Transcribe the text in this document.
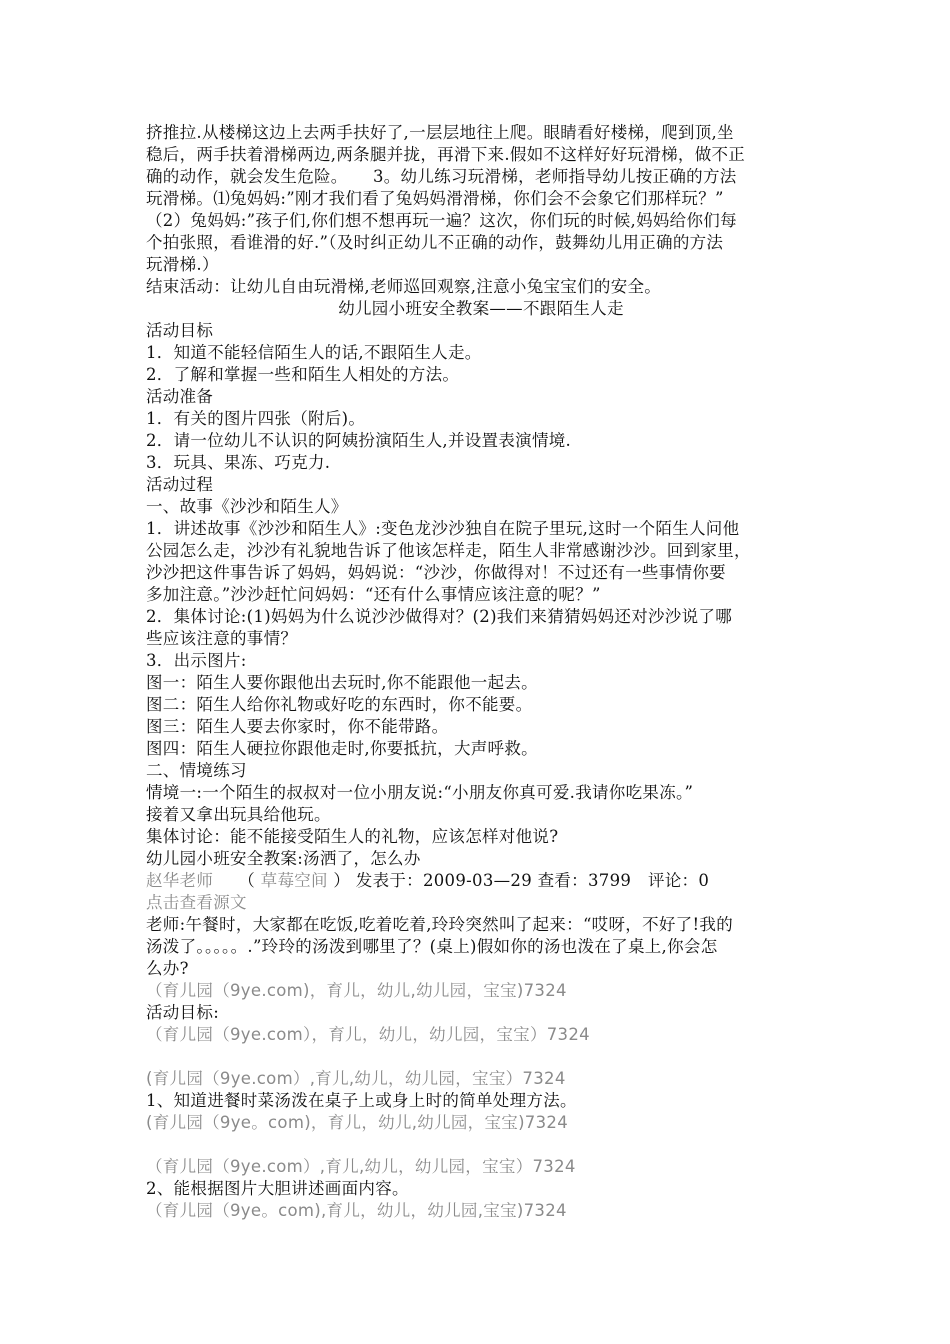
挤推拉.从楼梯这边上去两手扶好了,一层层地往上爬。眼睛看好楼梯，爬到顶,坐
稳后，两手扶着滑梯两边,两条腿并拢，再滑下来.假如不这样好好玩滑梯，做不正
确的动作，就会发生危险。　　3。幼儿练习玩滑梯，老师指导幼儿按正确的方法
玩滑梯。⑴兔妈妈:”刚才我们看了兔妈妈滑滑梯，你们会不会象它们那样玩？”
（2）兔妈妈:”孩子们,你们想不想再玩一遍？这次，你们玩的时候,妈妈给你们每
个拍张照，看谁滑的好.”（及时纠正幼儿不正确的动作，鼓舞幼儿用正确的方法
玩滑梯.）
结束活动：让幼儿自由玩滑梯,老师巡回观察,注意小兔宝宝们的安全。
幼儿园小班安全教案——不跟陌生人走
活动目标
1．知道不能轻信陌生人的话,不跟陌生人走。
2．了解和掌握一些和陌生人相处的方法。
活动准备
1．有关的图片四张（附后)。
2．请一位幼儿不认识的阿姨扮演陌生人,并设置表演情境.
3．玩具、果冻、巧克力.
活动过程
一、故事《沙沙和陌生人》
1．讲述故事《沙沙和陌生人》:变色龙沙沙独自在院子里玩,这时一个陌生人问他
公园怎么走，沙沙有礼貌地告诉了他该怎样走，陌生人非常感谢沙沙。回到家里，
沙沙把这件事告诉了妈妈，妈妈说：“沙沙，你做得对！不过还有一些事情你要
多加注意。”沙沙赶忙问妈妈：“还有什么事情应该注意的呢？”
2．集体讨论:(1)妈妈为什么说沙沙做得对？(2)我们来猜猜妈妈还对沙沙说了哪
些应该注意的事情？
3．出示图片:
图一：陌生人要你跟他出去玩时,你不能跟他一起去。
图二：陌生人给你礼物或好吃的东西时，你不能要。
图三：陌生人要去你家时，你不能带路。
图四：陌生人硬拉你跟他走时,你要抵抗，大声呼救。
二、情境练习
情境一:一个陌生的叔叔对一位小朋友说:“小朋友你真可爱.我请你吃果冻。”
接着又拿出玩具给他玩。
集体讨论：能不能接受陌生人的礼物，应该怎样对他说?
幼儿园小班安全教案:汤洒了，怎么办
赵华老师 （ 草莓空间 ） 发表于：2009-03—29 查看：3799　评论：0
点击查看源文
老师:午餐时，大家都在吃饭,吃着吃着,玲玲突然叫了起来：“哎呀，不好了!我的
汤泼了。。。。。.”玲玲的汤泼到哪里了？(桌上)假如你的汤也泼在了桌上,你会怎
么办?
（育儿园（9ye.com)，育儿，幼儿,幼儿园，宝宝)7324
活动目标:
（育儿园（9ye.com），育儿，幼儿，幼儿园，宝宝）7324
(育儿园（9ye.com）,育儿,幼儿，幼儿园，宝宝）7324
1、知道进餐时菜汤泼在桌子上或身上时的简单处理方法。
(育儿园（9ye。com)，育儿，幼儿,幼儿园，宝宝)7324
（育儿园（9ye.com）,育儿,幼儿，幼儿园，宝宝）7324
2、能根据图片大胆讲述画面内容。
（育儿园（9ye。com),育儿，幼儿，幼儿园,宝宝)7324
